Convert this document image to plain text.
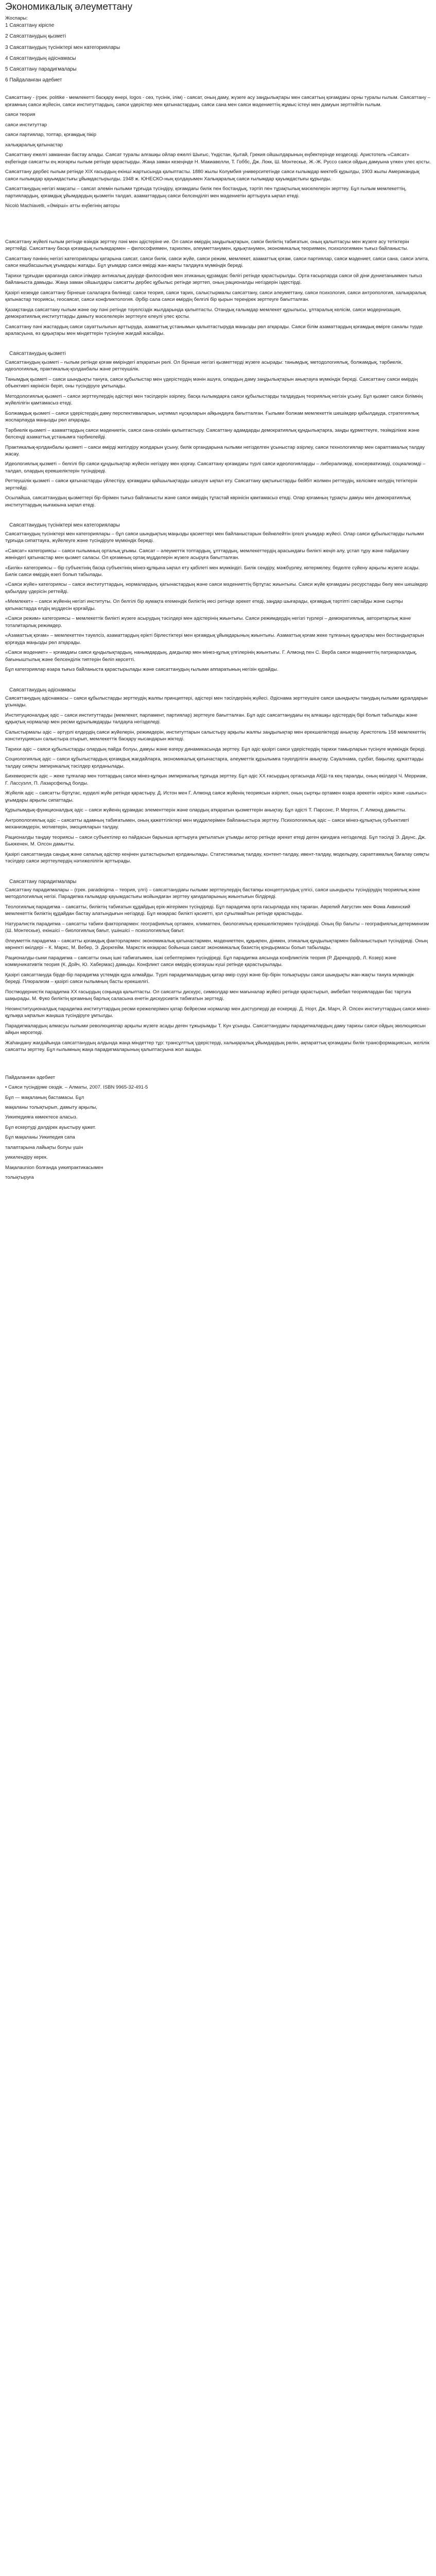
Экономикалық әлеуметтану
Жоспары:
1 Саясаттану кіріспе
2 Саясаттанудың қызметі
3 Саясаттанудың түсініктері мен категориялары
4 Саясаттанудың әдіснамасы
5 Саясаттану парадигмалары
6 Пайдаланған әдебиет

Саясаттану - (грек. politike - мемлекетті басқару өнері, logos - сөз, түсінік, ілім) - саясат, оның даму, жүзеге асу заңдылықтары мен саясаттың қоғамдағы орны туралы ғылым. Саясаттану – қоғамның саяси жүйесін, саяси институттардың, саяси үдерістер мен қатынастардың, саяси сана мен саяси мәдениеттің жұмыс істеуі мен дамуын зерттейтін ғылым.

саяси теория

саяси институттар

саяси партиялар, топтар, қоғамдық пікір

халықаралық қатынастар

Саясаттану ежелгі заманнан бастау алады. Саясат туралы алғашқы ойлар ежелгі Шығыс, Үндістан, Қытай, Грекия ойшылдарының еңбектерінде кездеседі. Аристотель «Саясат» еңбегінде саясатты ең жоғарғы ғылым ретінде қарастырды. Жаңа заман кезеңінде Н. Макиавелли, Т. Гоббс, Дж. Локк, Ш. Монтескье, Ж.-Ж. Руссо саяси ойдың дамуына үлкен үлес қосты.

Саясаттану дербес ғылым ретінде XIX ғасырдың екінші жартысында қалыптасты. 1880 жылы Колумбия университетінде саяси ғылымдар мектебі құрылды, 1903 жылы Американдық саяси ғылымдар қауымдастығы ұйымдастырылды. 1948 ж. ЮНЕСКО-ның қолдауымен Халықаралық саяси ғылымдар қауымдастығы құрылды.

Саясаттанудың негізгі мақсаты – саясат әлемін ғылыми тұрғыда түсіндіру, қоғамдағы билік пен бостандық, тәртіп пен тұрақтылық мәселелерін зерттеу. Бұл ғылым мемлекеттің, партиялардың, қоғамдық ұйымдардың қызметін талдап, азаматтардың саяси белсенділігі мен мәдениетін арттыруға ықпал етеді.

Nicolò Machiavelli, «Әмірші» атты еңбегінің авторы

Саясаттану жүйелі ғылым ретінде өзіндік зерттеу пәні мен әдістеріне ие. Ол саяси өмірдің заңдылықтарын, саяси биліктің табиғатын, оның қалыптасуы мен жүзеге асу тетіктерін зерттейді. Саясаттану басқа қоғамдық ғылымдармен – философиямен, тарихпен, әлеуметтанумен, құқықтанумен, экономикалық теориямен, психологиямен тығыз байланысты.

Саясаттану пәнінің негізгі категориялары қатарына саясат, саяси билік, саяси жүйе, саяси режим, мемлекет, азаматтық қоғам, саяси партиялар, саяси мәдениет, саяси сана, саяси элита, саяси көшбасшылық ұғымдары жатады. Бұл ұғымдар саяси өмірді жан-жақты талдауға мүмкіндік береді.

Тарихи тұрғыдан қарағанда саяси ілімдер антикалық дәуірде философия мен этиканың құрамдас бөлігі ретінде қарастырылды. Орта ғасырларда саяси ой діни дүниетаныммен тығыз байланыста дамыды. Жаңа заман ойшылдары саясатты дербес құбылыс ретінде зерттеп, оның рационалды негіздерін іздестірді.

Қазіргі кезеңде саясаттану бірнеше салаларға бөлінеді: саяси теория, саяси тарих, салыстырмалы саясаттану, саяси әлеуметтану, саяси психология, саяси антропология, халықаралық қатынастар теориясы, геосаясат, саяси конфликтология. Әрбір сала саяси өмірдің белгілі бір қырын тереңірек зерттеуге бағытталған.

Қазақстанда саясаттану ғылым және оқу пәні ретінде тәуелсіздік жылдарында қалыптасты. Отандық ғалымдар мемлекет құрылысы, ұлтаралық келісім, саяси модернизация, демократиялық институттарды дамыту мәселелерін зерттеуге елеулі үлес қосты.

Саясаттану пәні жастардың саяси сауаттылығын арттыруда, азаматтық ұстанымын қалыптастыруда маңызды рөл атқарады. Саяси білім азаматтардың қоғамдық өмірге саналы түрде араласуына, өз құқықтары мен міндеттерін түсінуіне жағдай жасайды.

Саясаттанудың қызметі

Саясаттанудың қызметі – ғылым ретінде қоғам өміріндегі атқаратын рөлі. Ол бірнеше негізгі қызметтерді жүзеге асырады: танымдық, методологиялық, болжамдық, тәрбиелік, идеологиялық, практикалық-қолданбалы және реттеушілік.

Танымдық қызметі – саяси шындықты тануға, саяси құбылыстар мен үдерістердің мәнін ашуға, олардың даму заңдылықтарын анықтауға мүмкіндік береді. Саясаттану саяси өмірдің объективті көрінісін беріп, оны түсіндіруге ұмтылады.

Методологиялық қызметі – саяси зерттеулердің әдістері мен тәсілдерін әзірлеу, басқа ғылымдарға саяси құбылыстарды талдаудың теориялық негізін ұсыну. Бұл қызмет саяси білімнің жүйелілігін қамтамасыз етеді.

Болжамдық қызметі – саяси үдерістердің даму перспективаларын, ықтимал нұсқаларын айқындауға бағытталған. Ғылыми болжам мемлекеттік шешімдер қабылдауда, стратегиялық жоспарлауда маңызды рөл атқарады.

Тәрбиелік қызметі – азаматтардың саяси мәдениетін, саяси сана-сезімін қалыптастыру. Саясаттану адамдарды демократиялық құндылықтарға, заңды құрметтеуге, төзімділікке және белсенді азаматтық ұстанымға тәрбиелейді.

Практикалық-қолданбалы қызметі – саяси өмірді жетілдіру жолдарын ұсыну, билік органдарына ғылыми негізделген ұсыныстар әзірлеу, саяси технологиялар мен сараптамалық талдау жасау.

Идеологиялық қызметі – белгілі бір саяси құндылықтар жүйесін негіздеу мен қорғау. Саясаттану қоғамдағы түрлі саяси идеологияларды – либерализмді, консерватизмді, социализмді – талдап, олардың ерекшеліктерін түсіндіреді.

Реттеушілік қызметі – саяси қатынастарды үйлестіру, қоғамдағы қайшылықтарды шешуге ықпал ету. Саясаттану қақтығыстарды бейбіт жолмен реттеудің, келісімге келудің тетіктерін зерттейді.

Осылайша, саясаттанудың қызметтері бір-бірімен тығыз байланысты және саяси өмірдің тұтастай көрінісін қамтамасыз етеді. Олар қоғамның тұрақты дамуы мен демократиялық институттардың нығаюына ықпал етеді.

Саясаттанудың түсініктері мен категориялары

Саясаттанудың түсініктері мен категориялары – бұл саяси шындықтың маңызды қасиеттері мен байланыстарын бейнелейтін іргелі ұғымдар жүйесі. Олар саяси құбылыстарды ғылыми тұрғыда сипаттауға, жүйелеуге және түсіндіруге мүмкіндік береді.

«Саясат» категориясы – саяси ғылымның орталық ұғымы. Саясат – әлеуметтік топтардың, ұлттардың, мемлекеттердің арасындағы билікті жеңіп алу, ұстап тұру және пайдалану жөніндегі қатынастар мен қызмет саласы. Ол қоғамның ортақ мүдделерін жүзеге асыруға бағытталған.

«Билік» категориясы – бір субъектінің басқа субъектінің мінез-құлқына ықпал ету қабілеті мен мүмкіндігі. Билік сендіру, мәжбүрлеу, көтермелеу, беделге сүйену арқылы жүзеге асады. Билік саяси өмірдің өзегі болып табылады.

«Саяси жүйе» категориясы – саяси институттардың, нормалардың, қатынастардың және саяси мәдениеттің біртұтас жиынтығы. Саяси жүйе қоғамдағы ресурстарды бөлу мен шешімдер қабылдау үдерісін реттейді.

«Мемлекет» – саяси жүйенің негізгі институты. Ол белгілі бір аумақта егемендік биліктің иесі ретінде әрекет етеді, заңдар шығарады, қоғамдық тәртіпті сақтайды және сыртқы қатынастарда елдің мүддесін қорғайды.

«Саяси режим» категориясы – мемлекеттік билікті жүзеге асырудың тәсілдері мен әдістерінің жиынтығы. Саяси режимдердің негізгі түрлері – демократиялық, авторитарлық және тоталитарлық режимдер.

«Азаматтық қоғам» – мемлекеттен тәуелсіз, азаматтардың ерікті бірлестіктері мен қоғамдық ұйымдарының жиынтығы. Азаматтық қоғам жеке тұлғаның құқықтары мен бостандықтарын қорғауда маңызды рөл атқарады.

«Саяси мәдениет» – қоғамдағы саяси құндылықтардың, нанымдардың, дағдылар мен мінез-құлық үлгілерінің жиынтығы. Г. Алмонд пен С. Верба саяси мәдениеттің патриархалдық, бағыныштылық және белсенділік типтерін бөліп көрсетті.

Бұл категориялар өзара тығыз байланыста қарастырылады және саясаттанудың ғылыми аппаратының негізін құрайды.

Саясаттанудың әдіснамасы

Саясаттанудың әдіснамасы – саяси құбылыстарды зерттеудің жалпы принциптері, әдістері мен тәсілдерінің жүйесі. Әдіснама зерттеушіге саяси шындықты танудың ғылыми құралдарын ұсынады.

Институционалдық әдіс – саяси институттарды (мемлекет, парламент, партиялар) зерттеуге бағытталған. Бұл әдіс саясаттанудағы ең алғашқы әдістердің бірі болып табылады және құқықтық нормалар мен ресми құрылымдарды талдауға негізделеді.

Салыстырмалы әдіс – әртүрлі елдердің саяси жүйелерін, режимдерін, институттарын салыстыру арқылы жалпы заңдылықтар мен ерекшеліктерді анықтау. Аристотель 158 мемлекеттің конституциясын салыстыра отырып, мемлекеттік басқару нысандарын жіктеді.

Тарихи әдіс – саяси құбылыстарды олардың пайда болуы, дамуы және өзгеру динамикасында зерттеу. Бұл әдіс қазіргі саяси үдерістердің тарихи тамырларын түсінуге мүмкіндік береді.

Социологиялық әдіс – саяси құбылыстардың қоғамдық жағдайларға, экономикалық қатынастарға, әлеуметтік құрылымға тәуелділігін анықтау. Сауалнама, сұхбат, бақылау, құжаттарды талдау сияқты эмпирикалық тәсілдер қолданылады.

Бихевиористік әдіс – жеке тұлғалар мен топтардың саяси мінез-құлқын эмпирикалық тұрғыда зерттеу. Бұл әдіс XX ғасырдың ортасында АҚШ-та кең таралды, оның өкілдері Ч. Мерриам, Г. Лассуэлл, П. Лазарсфельд болды.

Жүйелік әдіс – саясатты біртұтас, күрделі жүйе ретінде қарастыру. Д. Истон мен Г. Алмонд саяси жүйенің теориясын әзірлеп, оның сыртқы ортамен өзара әрекетін «кіріс» және «шығыс» ұғымдары арқылы сипаттады.

Құрылымдық-функционалдық әдіс – саяси жүйенің құрамдас элементтерін және олардың атқаратын қызметтерін анықтау. Бұл әдісті Т. Парсонс, Р. Мертон, Г. Алмонд дамытты.

Антропологиялық әдіс – саясатты адамның табиғатымен, оның қажеттіліктері мен мүдделерімен байланыстыра зерттеу. Психологиялық әдіс – саяси мінез-құлықтың субъективті механизмдерін, мотивтерін, эмоцияларын талдау.

Рационалды таңдау теориясы – саяси субъектілер өз пайдасын барынша арттыруға ұмтылатын ұтымды актор ретінде әрекет етеді деген қағидаға негізделеді. Бұл тәсілді Э. Даунс, Дж. Бьюкенен, М. Олсон дамытты.

Қазіргі саясаттануда сандық және сапалық әдістер кеңінен ұштастырылып қолданылады. Статистикалық талдау, контент-талдау, ивент-талдау, модельдеу, сараптамалық бағалау сияқты тәсілдер саяси зерттеулердің нәтижелілігін арттырады.

Саясаттану парадигмалары

Саясаттану парадигмалары – (грек. paradeigma – теория, үлгі) – саясаттанудағы ғылыми зерттеулердің бастапқы концептуалдық үлгісі, саяси шындықты түсіндірудің теориялық және методологиялық негізі. Парадигма ғалымдар қауымдастығы мойындаған зерттеу қағидаларының жиынтығын білдіреді.

Теологиялық парадигма – саясатты, биліктің табиғатын құдайдың ерік-жігерімен түсіндіреді. Бұл парадигма орта ғасырларда кең тараған. Аврелий Августин мен Фома Аквинский мемлекеттік биліктің құдайдан бастау алатындығын негіздеді. Бұл көзқарас билікті қасиетті, қол сұғылмайтын ретінде қарастырды.

Натуралистік парадигма – саясатты табиғи факторлармен: географиялық ортамен, климатпен, биологиялық ерекшеліктермен түсіндіреді. Оның бір бағыты – географиялық детерминизм (Ш. Монтескье), екіншісі – биологиялық бағыт, үшіншісі – психологиялық бағыт.

Әлеуметтік парадигма – саясатты қоғамдық факторлармен: экономикалық қатынастармен, мәдениетпен, құқықпен, дінмен, этикалық құндылықтармен байланыстырып түсіндіреді. Оның көрнекті өкілдері – К. Маркс, М. Вебер, Э. Дюркгейм. Маркстік көзқарас бойынша саясат экономикалық базистің қондырмасы болып табылады.

Рационалды-сыни парадигма – саясатты оның ішкі табиғатымен, ішкі себептерімен түсіндіреді. Бұл парадигма аясында конфликтілік теория (Р. Дарендорф, Л. Козер) және коммуникативтік теория (К. Дойч, Ю. Хабермас) дамыды. Конфликт саяси өмірдің қозғаушы күші ретінде қарастырылады.

Қазіргі саясаттануда бірде-бір парадигма үстемдік құра алмайды. Түрлі парадигмалардың қатар өмір сүруі және бір-бірін толықтыруы саяси шындықты жан-жақты тануға мүмкіндік береді. Плюрализм – қазіргі саяси ғылымның басты ерекшелігі.

Постмодернистік парадигма XX ғасырдың соңында қалыптасты. Ол саясатты дискурс, символдар мен мағыналар жүйесі ретінде қарастырып, әмбебап теориялардан бас тартуға шақырады. М. Фуко биліктің қоғамның барлық саласына енетін дискурсивтік табиғатын зерттеді.

Неоинституционалдық парадигма институттардың ресми ережелерімен қатар бейресми нормалар мен дәстүрлерді де ескереді. Д. Норт, Дж. Марч, Й. Олсен институттардың саяси мінез-құлыққа ықпалын жаңаша түсіндіруге ұмтылды.

Парадигмалардың алмасуы ғылыми революциялар арқылы жүзеге асады деген тұжырымды Т. Кун ұсынды. Саясаттанудағы парадигмалардың даму тарихы саяси ойдың эволюциясын айқын көрсетеді.

Жаһандану жағдайында саясаттанудың алдында жаңа міндеттер тұр: трансұлттық үдерістерді, халықаралық ұйымдардың рөлін, ақпараттық қоғамдағы билік трансформациясын, желілік саясатты зерттеу. Бұл ғылымның жаңа парадигмаларының қалыптасуына жол ашады.

Пайдаланған әдебиет

• Саяси түсіндірме сөздік. – Алматы, 2007. ISBN 9965-32-491-5

Бұл — мақаланың бастамасы. Бұл

мақаланы толықтырып, дамыту арқылы,

Уикипедияға көмектесе аласыз.

Бұл ескертуді дәлдірек ауыстыру қажет.

Бұл мақаланы Уикипедия сапа

талаптарына лайықты болуы үшін

уикилендіру керек.

Мақалаunion болғанда уикипрактикасымен

толықтыруға
